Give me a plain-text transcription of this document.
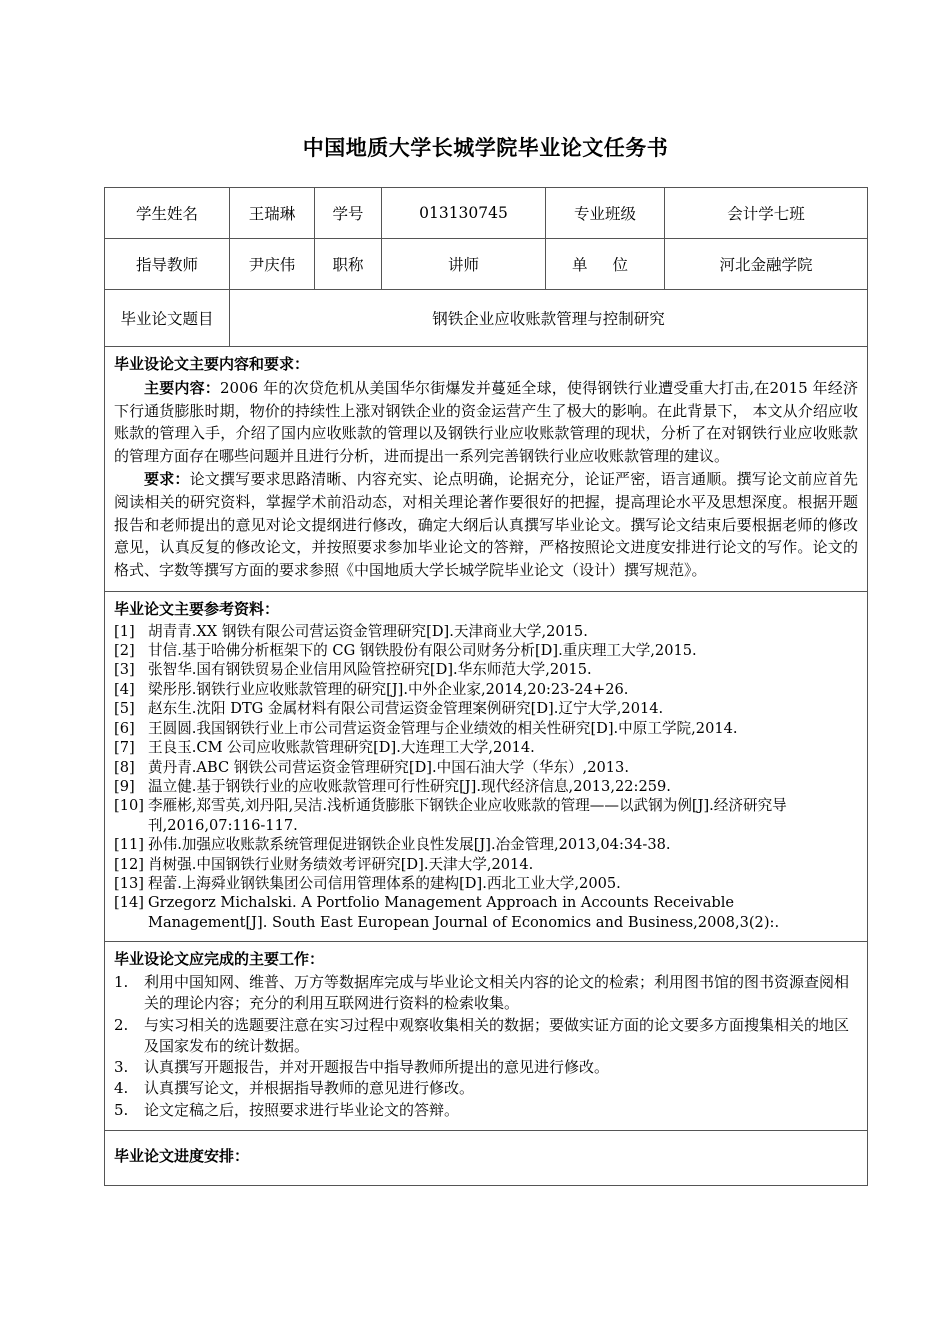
中国地质大学长城学院毕业论文任务书
学生姓名	王瑞琳	学号	013130745	专业班级	会计学七班
指导教师	尹庆伟	职称	讲师	单 位	河北金融学院
毕业论文题目	钢铁企业应收账款管理与控制研究				

毕业设论文主要内容和要求：

主要内容：2006 年的次贷危机从美国华尔街爆发并蔓延全球，使得钢铁行业遭受重大打击,在2015 年经济下行通货膨胀时期，物价的持续性上涨对钢铁企业的资金运营产生了极大的影响。在此背景下， 本文从介绍应收账款的管理入手，介绍了国内应收账款的管理以及钢铁行业应收账款管理的现状，分析了在对钢铁行业应收账款的管理方面存在哪些问题并且进行分析，进而提出一系列完善钢铁行业应收账款管理的建议。

要求：论文撰写要求思路清晰、内容充实、论点明确，论据充分，论证严密，语言通顺。撰写论文前应首先阅读相关的研究资料，掌握学术前沿动态，对相关理论著作要很好的把握，提高理论水平及思想深度。根据开题报告和老师提出的意见对论文提纲进行修改，确定大纲后认真撰写毕业论文。撰写论文结束后要根据老师的修改意见，认真反复的修改论文，并按照要求参加毕业论文的答辩，严格按照论文进度安排进行论文的写作。论文的格式、字数等撰写方面的要求参照《中国地质大学长城学院毕业论文（设计）撰写规范》。					

毕业论文主要参考资料：
[1] 胡青青.XX 钢铁有限公司营运资金管理研究[D].天津商业大学,2015.
[2] 甘信.基于哈佛分析框架下的 CG 钢铁股份有限公司财务分析[D].重庆理工大学,2015.
[3] 张智华.国有钢铁贸易企业信用风险管控研究[D].华东师范大学,2015.
[4] 梁彤彤.钢铁行业应收账款管理的研究[J].中外企业家,2014,20:23-24+26.
[5] 赵东生.沈阳 DTG 金属材料有限公司营运资金管理案例研究[D].辽宁大学,2014.
[6] 王圆圆.我国钢铁行业上市公司营运资金管理与企业绩效的相关性研究[D].中原工学院,2014.
[7] 王良玉.CM 公司应收账款管理研究[D].大连理工大学,2014.
[8] 黄丹青.ABC 钢铁公司营运资金管理研究[D].中国石油大学（华东）,2013.
[9] 温立健.基于钢铁行业的应收账款管理可行性研究[J].现代经济信息,2013,22:259.
[10] 李雁彬,郑雪英,刘丹阳,吴洁.浅析通货膨胀下钢铁企业应收账款的管理——以武钢为例[J].经济研究导刊,2016,07:116-117.
[11] 孙伟.加强应收账款系统管理促进钢铁企业良性发展[J].冶金管理,2013,04:34-38.
[12] 肖树强.中国钢铁行业财务绩效考评研究[D].天津大学,2014.
[13] 程蕾.上海舜业钢铁集团公司信用管理体系的建构[D].西北工业大学,2005.
[14] Grzegorz Michalski. A Portfolio Management Approach in Accounts Receivable Management[J]. South East European Journal of Economics and Business,2008,3(2):.

毕业设论文应完成的主要工作：
1. 利用中国知网、维普、万方等数据库完成与毕业论文相关内容的论文的检索；利用图书馆的图书资源查阅相关的理论内容；充分的利用互联网进行资料的检索收集。
2. 与实习相关的选题要注意在实习过程中观察收集相关的数据；要做实证方面的论文要多方面搜集相关的地区及国家发布的统计数据。
3. 认真撰写开题报告，并对开题报告中指导教师所提出的意见进行修改。
4. 认真撰写论文，并根据指导教师的意见进行修改。
5. 论文定稿之后，按照要求进行毕业论文的答辩。

毕业论文进度安排：					
